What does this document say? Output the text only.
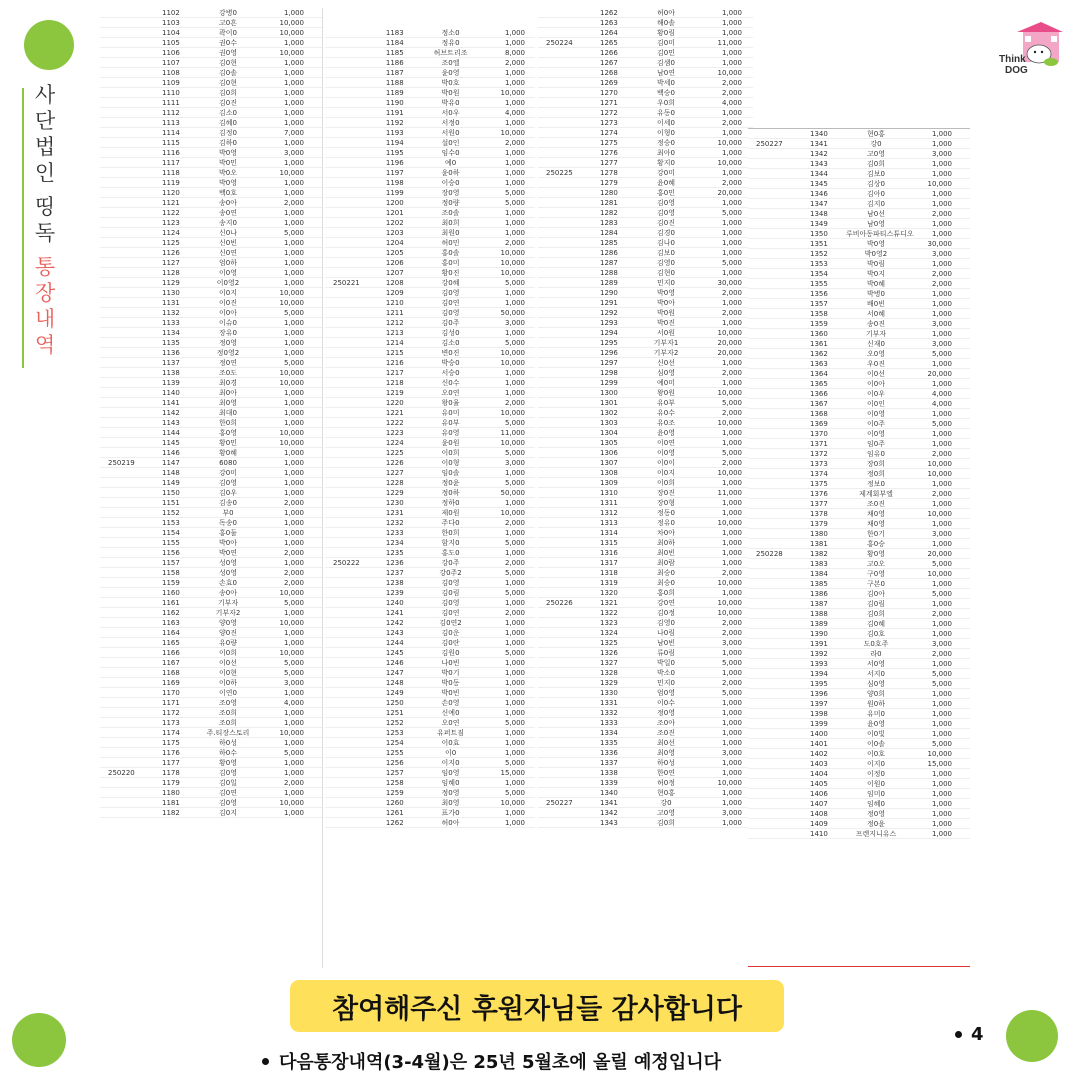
사
단
법
인
띵
독
통
장
내
역
Think
DOG
1102	강병0	1,000
1103	고0흔	10,000
1104	곽이0	10,000
1105	권0수	1,000
1106	권0영	10,000
1107	김0현	1,000
1108	김0솔	1,000
1109	김0현	1,000
1110	김0희	1,000
1111	김0진	1,000
1112	김소0	1,000
1113	김혜0	1,000
1114	김정0	7,000
1115	김하0	1,000
1116	박0영	3,000
1117	박0민	1,000
1118	박0오	10,000
1119	박0영	1,000
1120	백0호	1,000
1121	송0아	2,000
1122	송0연	1,000
1123	송지0	1,000
1124	신0나	5,000
1125	신0빈	1,000
1126	신0연	1,000
1127	엄0하	1,000
1128	이0영	1,000
1129	이0영2	1,000
1130	이0지	10,000
1131	이0진	10,000
1132	이0아	5,000
1133	이슈0	1,000
1134	장유0	1,000
1135	정0영	1,000
1136	정0영2	1,000
1137	정0연	5,000
1138	조0도	10,000
1139	최0경	10,000
1140	최0아	1,000
1141	최0영	1,000
1142	최대0	1,000
1143	한0희	1,000
1144	홍0영	10,000
1145	황0민	10,000
1146	황0혜	1,000
250219	1147	6080	1,000
1148	강0미	1,000
1149	김0영	1,000
1150	김0우	1,000
1151	김송0	2,000
1152	부0	1,000
1153	독송0	1,000
1154	홍0둘	1,000
1155	박0아	1,000
1156	박0연	2,000
1157	성0영	1,000
1158	성0영	2,000
1159	손효0	2,000
1160	송0아	10,000
1161	기부자	5,000
1162	기부자2	1,000
1163	양0영	10,000
1164	양0진	1,000
1165	유0량	1,000
1166	이0희	10,000
1167	이0선	5,000
1168	이0현	5,000
1169	이0하	3,000
1170	이연0	1,000
1171	조0영	4,000
1172	조0희	1,000
1173	조0희	1,000
1174	주.티장스토리	10,000
1175	하0성	1,000
1176	하0수	5,000
1177	황0영	1,000
250220	1178	김0영	1,000
1179	김0일	2,000
1180	김0연	1,000
1181	김0영	10,000
1182	김0지	1,000
1183	정소0	1,000
1184	정유0	1,000
1185	허브트리조	8,000
1186	조0엘	2,000
1187	윤0영	1,000
1188	박0호	1,000
1189	박0원	10,000
1190	박유0	1,000
1191	서0우	4,000
1192	서정0	1,000
1193	서원0	10,000
1194	설0인	2,000
1195	임수0	1,000
1196	예0	1,000
1197	윤0하	1,000
1198	이승0	1,000
1199	장0영	5,000
1200	정0량	5,000
1201	조0솔	1,000
1202	최0희	1,000
1203	최원0	1,000
1204	허0민	2,000
1205	홍0솔	10,000
1206	홍0미	10,000
1207	황0진	10,000
250221	1208	강0혜	5,000
1209	김0영	1,000
1210	김0연	1,000
1211	김0영	50,000
1212	김0주	3,000
1213	김성0	1,000
1214	김소0	5,000
1215	변0진	10,000
1216	박승0	10,000
1217	서승0	1,000
1218	신0수	1,000
1219	오0연	1,000
1220	왕0율	2,000
1221	유0미	10,000
1222	유0부	5,000
1223	유0영	11,000
1224	윤0원	10,000
1225	이0희	5,000
1226	이0형	3,000
1227	임0솔	1,000
1228	정0윤	5,000
1229	정0하	50,000
1230	정하0	1,000
1231	제0원	10,000
1232	주다0	2,000
1233	한0희	1,000
1234	함지0	5,000
1235	홍도0	1,000
250222	1236	강0주	2,000
1237	강0주2	5,000
1238	김0영	1,000
1239	김0림	5,000
1240	김0영	1,000
1241	김0연	2,000
1242	김0연2	1,000
1243	김0운	1,000
1244	김0란	1,000
1245	김원0	5,000
1246	나0빈	1,000
1247	박0기	1,000
1248	박0동	1,000
1249	박0빈	1,000
1250	손0영	1,000
1251	신예0	1,000
1252	오0연	5,000
1253	유퍼트짐	1,000
1254	이0효	1,000
1255	이0	1,000
1256	이지0	5,000
1257	임0영	15,000
1258	임혜0	1,000
1259	정0영	5,000
1260	최0영	10,000
1261	표가0	1,000
1262	허0아	1,000
1262	허0아	1,000
1263	해0솔	1,000
1264	황0림	1,000
250224	1265	김0미	11,000
1266	김0민	1,000
1267	김샘0	1,000
1268	남0연	10,000
1269	박세0	2,000
1270	백승0	2,000
1271	우0희	4,000
1272	유동0	1,000
1273	이세0	2,000
1274	이형0	1,000
1275	정승0	10,000
1276	최아0	1,000
1277	황지0	10,000
250225	1278	강0미	1,000
1279	윤0혜	2,000
1280	홍0민	20,000
1281	김0영	1,000
1282	김0영	5,000
1283	김0진	1,000
1284	김경0	1,000
1285	김나0	1,000
1286	김보0	1,000
1287	김영0	5,000
1288	김현0	1,000
1289	민지0	30,000
1290	박0영	2,000
1291	박0아	1,000
1292	박0원	2,000
1293	박0진	1,000
1294	서0원	10,000
1295	기부자1	20,000
1296	기부자2	20,000
1297	신0선	1,000
1298	심0영	2,000
1299	예0미	1,000
1300	왕0원	10,000
1301	유0부	5,000
1302	유0수	2,000
1303	유0조	10,000
1304	윤0영	1,000
1305	이0연	1,000
1306	이0영	5,000
1307	이0이	2,000
1308	이0지	10,000
1309	이0희	1,000
1310	장0진	11,000
1311	장0형	1,000
1312	정동0	1,000
1313	정유0	10,000
1314	차0아	1,000
1315	최0하	1,000
1316	최0빈	1,000
1317	최0람	1,000
1318	최승0	2,000
1319	최승0	10,000
1320	홍0희	1,000
250226	1321	강0연	10,000
1322	김0정	10,000
1323	김영0	2,000
1324	나0림	2,000
1325	남0빈	3,000
1326	류0림	1,000
1327	박일0	5,000
1328	박소0	1,000
1329	민지0	2,000
1330	엄0영	5,000
1331	이0수	1,000
1332	정0영	1,000
1333	조0아	1,000
1334	조0진	1,000
1335	최0선	1,000
1336	최0영	3,000
1337	하0성	1,000
1338	한0연	1,000
1339	허0정	10,000
1340	현0홍	1,000
250227	1341	강0	1,000
1342	고0영	3,000
1343	김0희	1,000
1340	현0홍	1,000
250227	1341	강0	1,000
1342	고0영	3,000
1343	김0희	1,000
1344	김보0	1,000
1345	김상0	10,000
1346	김아0	1,000
1347	김지0	1,000
1348	남0선	2,000
1349	남0영	1,000
1350	루비아동파티스튜디오	1,000
1351	박0영	30,000
1352	박0영2	3,000
1353	박0림	1,000
1354	박0지	2,000
1355	박0혜	2,000
1356	박병0	1,000
1357	배0빈	1,000
1358	서0혜	1,000
1359	송0진	3,000
1360	기부자	1,000
1361	신재0	3,000
1362	오0영	5,000
1363	우0진	1,000
1364	이0선	20,000
1365	이0아	1,000
1366	이0우	4,000
1367	이0인	4,000
1368	이0영	1,000
1369	이0주	5,000
1370	이0영	1,000
1371	임0주	1,000
1372	임유0	2,000
1373	장0희	10,000
1374	정0희	10,000
1375	정보0	1,000
1376	제계회부엘	2,000
1377	조0진	1,000
1378	채0영	10,000
1379	채0영	1,000
1380	한0기	3,000
1381	홍0승	1,000
250228	1382	황0영	20,000
1383	고0오	5,000
1384	구0영	10,000
1385	구본0	1,000
1386	김0아	5,000
1387	김0림	1,000
1388	김0희	2,000
1389	김0혜	1,000
1390	김0호	1,000
1391	도0호주	3,000
1392	라0	2,000
1393	서0영	1,000
1394	서지0	5,000
1395	심0영	5,000
1396	양0희	1,000
1397	원0하	1,000
1398	유미0	1,000
1399	윤0영	1,000
1400	이0빛	1,000
1401	이0솔	5,000
1402	이0호	10,000
1403	이지0	15,000
1404	이정0	1,000
1405	이원0	1,000
1406	임미0	1,000
1407	임혜0	1,000
1408	정0영	1,000
1409	정0윤	1,000
1410	프렌지니유스	1,000
참여해주신 후원자님들 감사합니다
다음통장내역(3-4월)은 25년 5월초에 올릴 예정입니다
4
